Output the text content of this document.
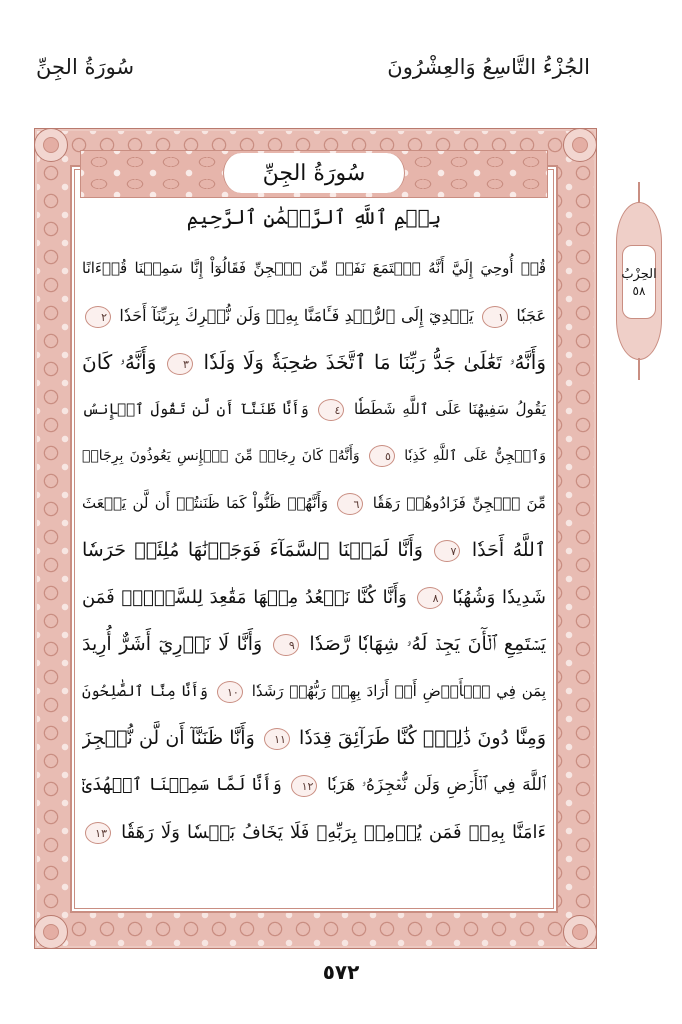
الجُزْءُ التَّاسِعُ وَالعِشْرُونَ
سُورَةُ الجِنِّ
سُورَةُ الجِنِّ
بِسۡمِ ٱللَّهِ ٱلرَّحۡمَٰنِ ٱلرَّحِيمِ
قُلۡ أُوحِيَ إِلَيَّ أَنَّهُ ٱسۡتَمَعَ نَفَرٞ مِّنَ ٱلۡجِنِّ فَقَالُوٓاْ إِنَّا سَمِعۡنَا قُرۡءَانًا
عَجَبٗا ١ يَهۡدِيٓ إِلَى ٱلرُّشۡدِ فَـَٔامَنَّا بِهِۦۖ وَلَن نُّشۡرِكَ بِرَبِّنَآ أَحَدٗا ٢
وَأَنَّهُۥ تَعَٰلَىٰ جَدُّ رَبِّنَا مَا ٱتَّخَذَ صَٰحِبَةٗ وَلَا وَلَدٗا ٣ وَأَنَّهُۥ كَانَ
يَقُولُ سَفِيهُنَا عَلَى ٱللَّهِ شَطَطٗا ٤ وَأَنَّا ظَنَنَّآ أَن لَّن تَقُولَ ٱلۡإِنسُ
وَٱلۡجِنُّ عَلَى ٱللَّهِ كَذِبٗا ٥ وَأَنَّهُۥ كَانَ رِجَالٞ مِّنَ ٱلۡإِنسِ يَعُوذُونَ بِرِجَالٖ
مِّنَ ٱلۡجِنِّ فَزَادُوهُمۡ رَهَقٗا ٦ وَأَنَّهُمۡ ظَنُّواْ كَمَا ظَنَنتُمۡ أَن لَّن يَبۡعَثَ
ٱللَّهُ أَحَدٗا ٧ وَأَنَّا لَمَسۡنَا ٱلسَّمَآءَ فَوَجَدۡنَٰهَا مُلِئَتۡ حَرَسٗا
شَدِيدٗا وَشُهُبٗا ٨ وَأَنَّا كُنَّا نَقۡعُدُ مِنۡهَا مَقَٰعِدَ لِلسَّمۡعِۖ فَمَن
يَسۡتَمِعِ ٱلۡأٓنَ يَجِدۡ لَهُۥ شِهَابٗا رَّصَدٗا ٩ وَأَنَّا لَا نَدۡرِيٓ أَشَرٌّ أُرِيدَ
بِمَن فِي ٱلۡأَرۡضِ أَمۡ أَرَادَ بِهِمۡ رَبُّهُمۡ رَشَدٗا ١٠ وَأَنَّا مِنَّا ٱلصَّٰلِحُونَ
وَمِنَّا دُونَ ذَٰلِكَۖ كُنَّا طَرَآئِقَ قِدَدٗا ١١ وَأَنَّا ظَنَنَّآ أَن لَّن نُّعۡجِزَ
ٱللَّهَ فِي ٱلۡأَرۡضِ وَلَن نُّعۡجِزَهُۥ هَرَبٗا ١٢ وَأَنَّا لَمَّا سَمِعۡنَا ٱلۡهُدَىٰٓ
ءَامَنَّا بِهِۦۖ فَمَن يُؤۡمِنۢ بِرَبِّهِۦ فَلَا يَخَافُ بَخۡسٗا وَلَا رَهَقٗا ١٣
الحِزْبُ
٥٨
٥٧٢
